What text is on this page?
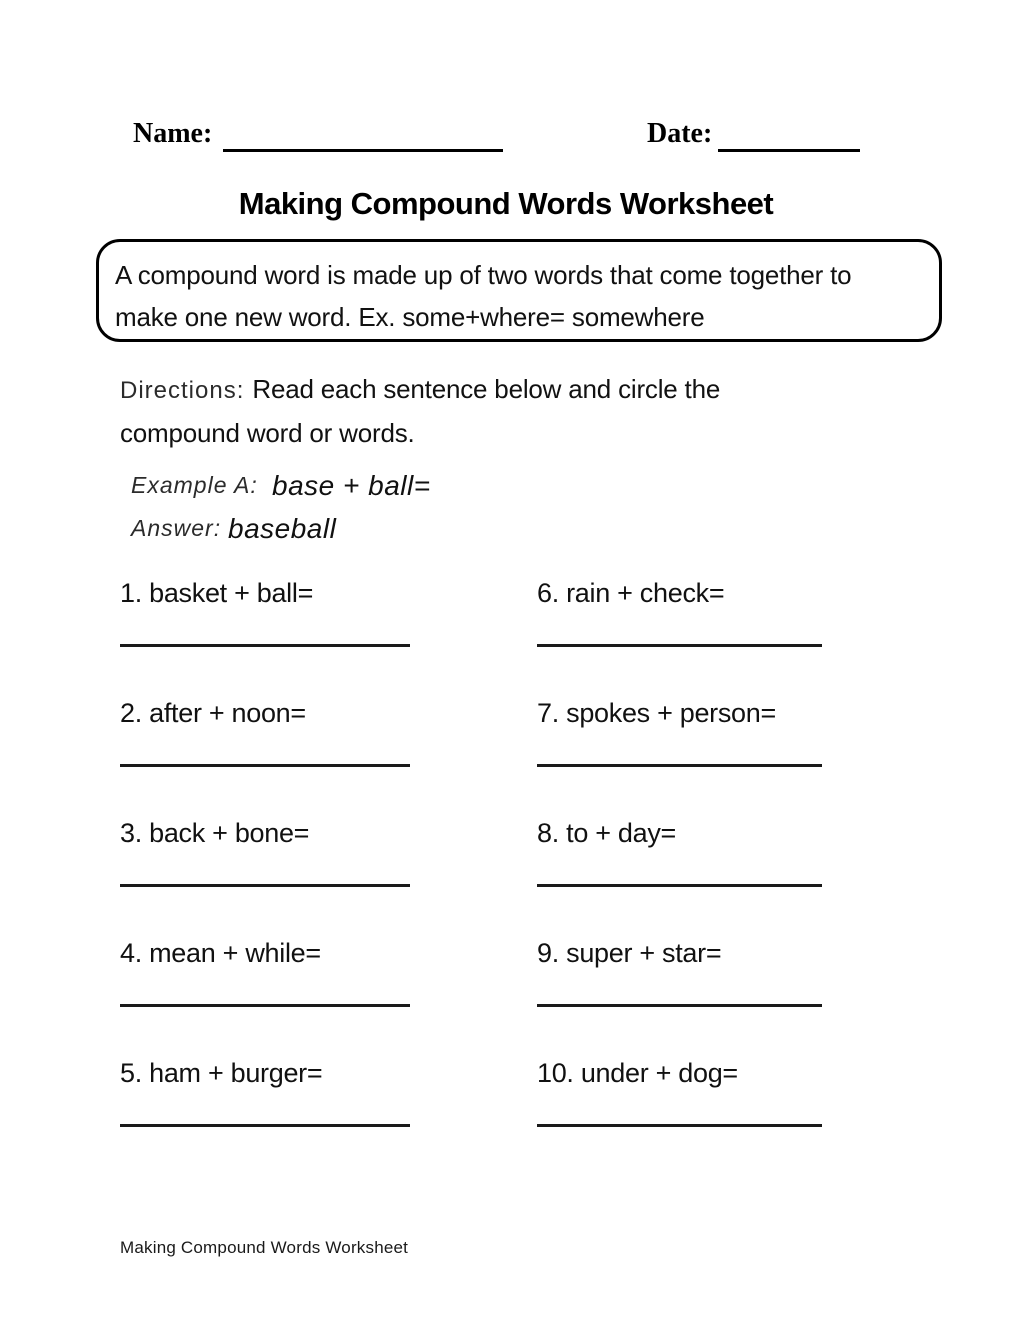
Name:	Date:
Making Compound Words Worksheet
A compound word is made up of two words that come together to
make one new word. Ex. some+where= somewhere
Directions: Read each sentence below and circle the compound word or words.
Example A: base + ball=
Answer: baseball
1. basket + ball=
2. after + noon=
3. back + bone=
4. mean + while=
5. ham + burger=
6. rain + check=
7. spokes + person=
8. to + day=
9. super + star=
10. under + dog=
Making Compound Words Worksheet
